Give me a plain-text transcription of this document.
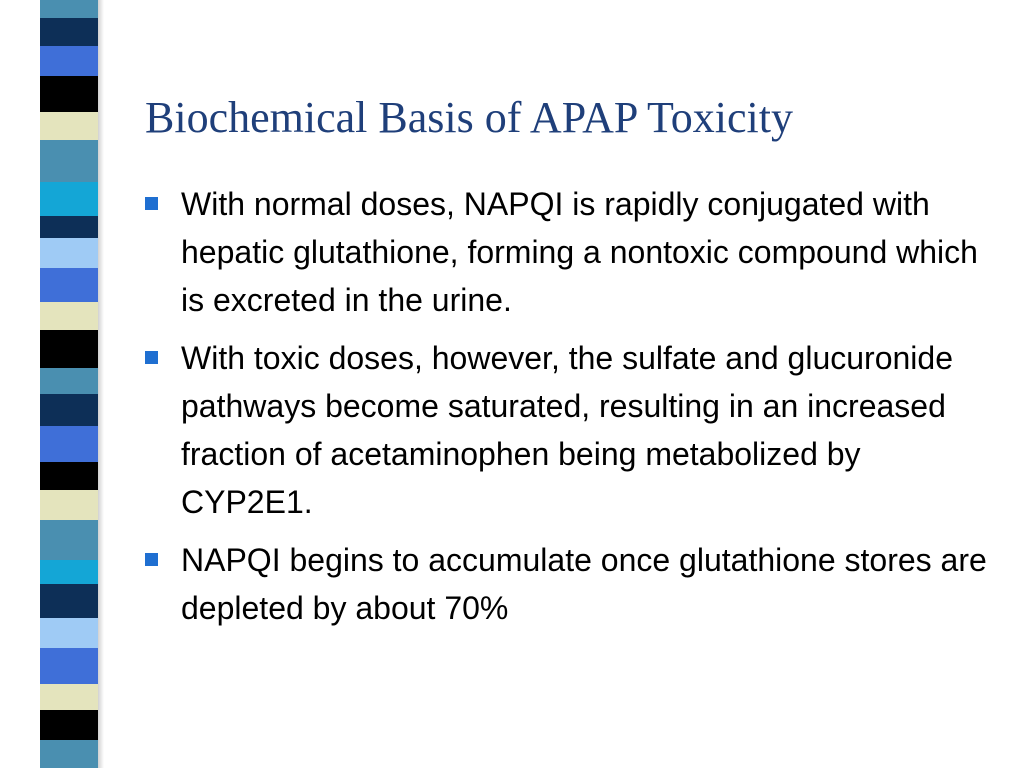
Biochemical Basis of APAP Toxicity
With normal doses, NAPQI is rapidly conjugated with hepatic glutathione, forming a nontoxic compound which is excreted in the urine.
With toxic doses, however, the sulfate and glucuronide pathways become saturated, resulting in an increased fraction of acetaminophen being metabolized by CYP2E1.
NAPQI begins to accumulate once glutathione stores are depleted by about 70%
